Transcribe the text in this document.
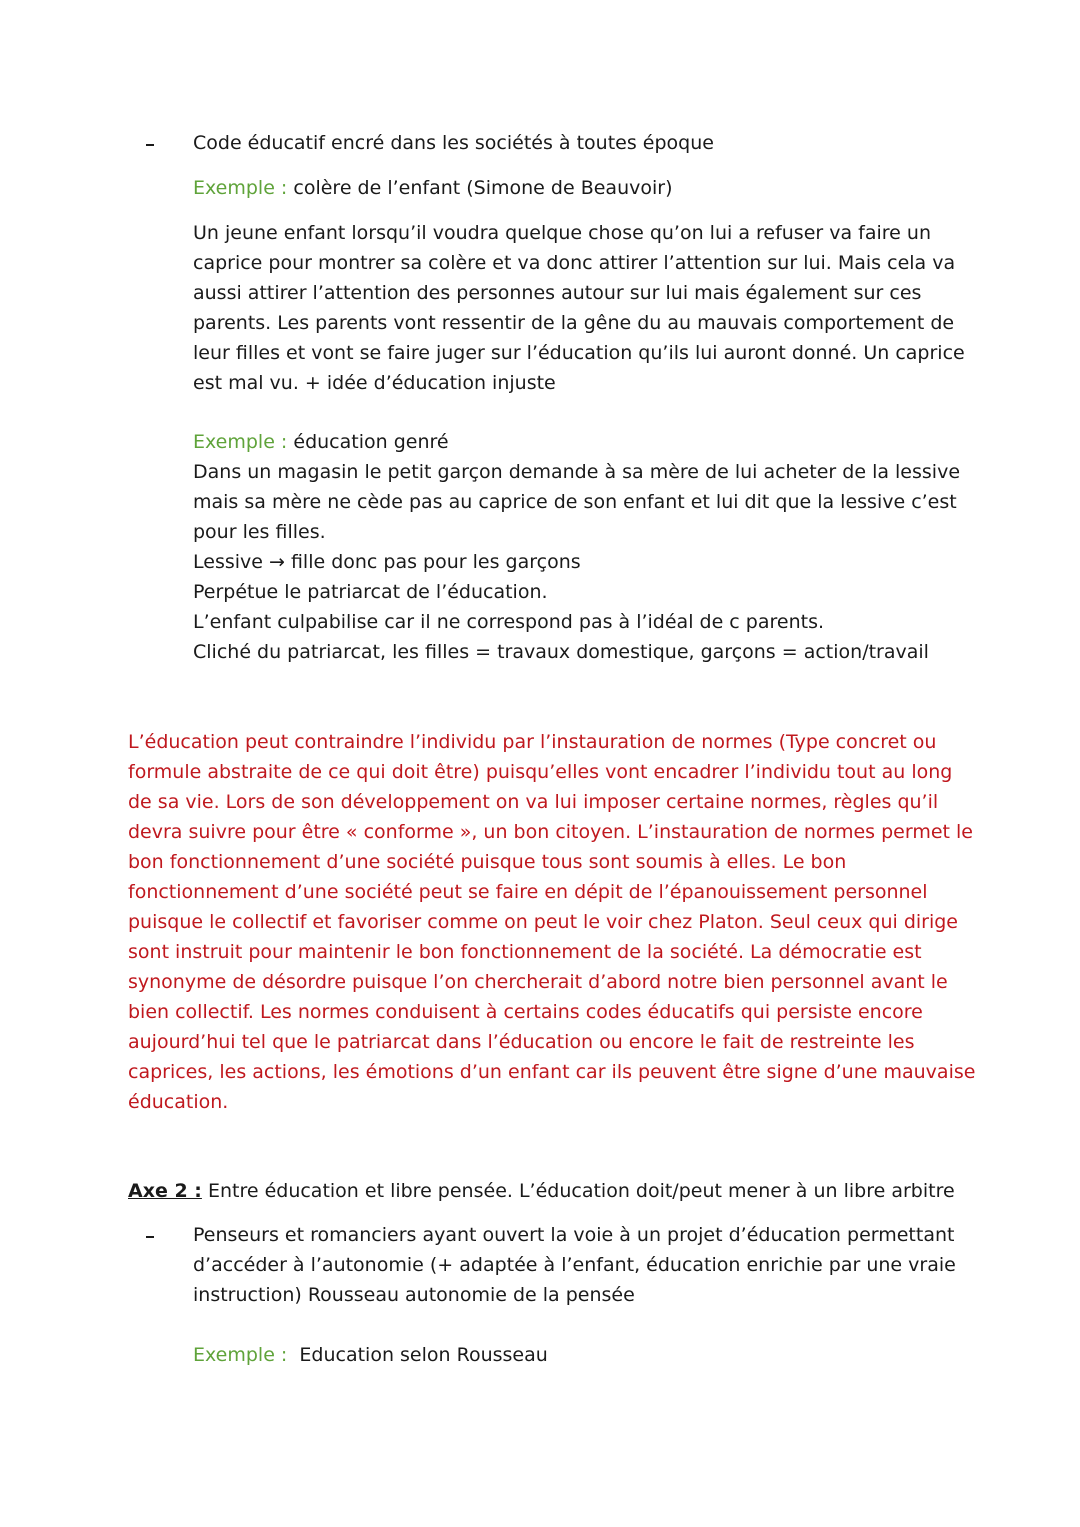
Code éducatif encré dans les sociétés à toutes époque
Exemple : colère de l’enfant (Simone de Beauvoir)
Un jeune enfant lorsqu’il voudra quelque chose qu’on lui a refuser va faire un
caprice pour montrer sa colère et va donc attirer l’attention sur lui. Mais cela va
aussi attirer l’attention des personnes autour sur lui mais également sur ces
parents. Les parents vont ressentir de la gêne du au mauvais comportement de
leur filles et vont se faire juger sur l’éducation qu’ils lui auront donné. Un caprice
est mal vu. + idée d’éducation injuste
Exemple : éducation genré
Dans un magasin le petit garçon demande à sa mère de lui acheter de la lessive
mais sa mère ne cède pas au caprice de son enfant et lui dit que la lessive c’est
pour les filles.
Lessive → fille donc pas pour les garçons
Perpétue le patriarcat de l’éducation.
L’enfant culpabilise car il ne correspond pas à l’idéal de c parents.
Cliché du patriarcat, les filles = travaux domestique, garçons = action/travail
L’éducation peut contraindre l’individu par l’instauration de normes (Type concret ou
formule abstraite de ce qui doit être) puisqu’elles vont encadrer l’individu tout au long
de sa vie. Lors de son développement on va lui imposer certaine normes, règles qu’il
devra suivre pour être « conforme », un bon citoyen. L’instauration de normes permet le
bon fonctionnement d’une société puisque tous sont soumis à elles. Le bon
fonctionnement d’une société peut se faire en dépit de l’épanouissement personnel
puisque le collectif et favoriser comme on peut le voir chez Platon. Seul ceux qui dirige
sont instruit pour maintenir le bon fonctionnement de la société. La démocratie est
synonyme de désordre puisque l’on chercherait d’abord notre bien personnel avant le
bien collectif. Les normes conduisent à certains codes éducatifs qui persiste encore
aujourd’hui tel que le patriarcat dans l’éducation ou encore le fait de restreinte les
caprices, les actions, les émotions d’un enfant car ils peuvent être signe d’une mauvaise
éducation.
Axe 2 : Entre éducation et libre pensée. L’éducation doit/peut mener à un libre arbitre
Penseurs et romanciers ayant ouvert la voie à un projet d’éducation permettant
d’accéder à l’autonomie (+ adaptée à l’enfant, éducation enrichie par une vraie
instruction) Rousseau autonomie de la pensée
Exemple : Education selon Rousseau
